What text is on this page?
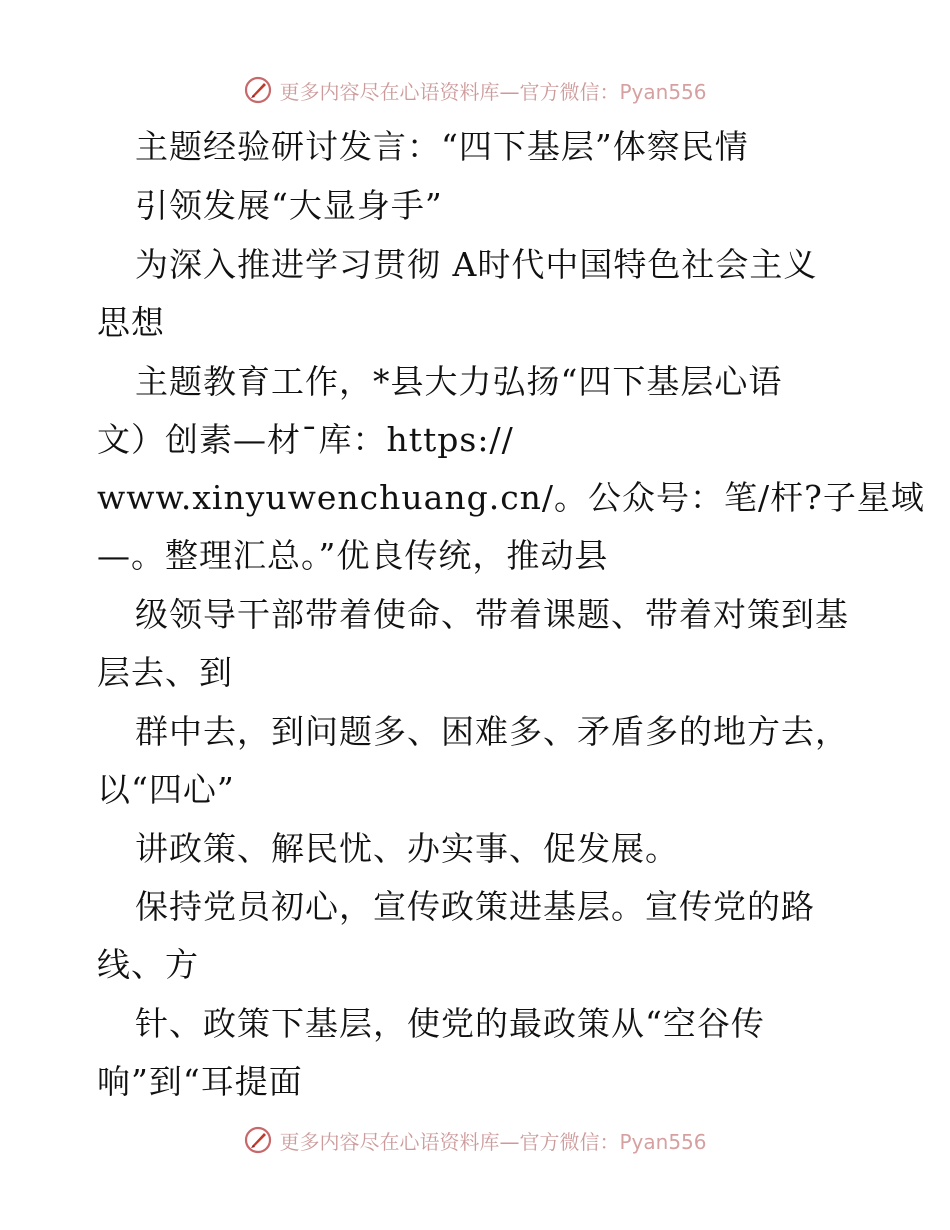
更多内容尽在心语资料库—官方微信：Pyan556
主题经验研讨发言：“四下基层”体察民情
引领发展“大显身手”
为深入推进学习贯彻 A时代中国特色社会主义
思想
主题教育工作，*县大力弘扬“四下基层心语
文）创素—材¯库：https://
www.xinyuwenchuang.cn/。公众号：笔/杆?子星域
—。整理汇总。”优良传统，推动县
级领导干部带着使命、带着课题、带着对策到基
层去、到
群中去，到问题多、困难多、矛盾多的地方去，
以“四心”
讲政策、解民忧、办实事、促发展。
保持党员初心，宣传政策进基层。宣传党的路
线、方
针、政策下基层，使党的最政策从“空谷传
响”到“耳提面
更多内容尽在心语资料库—官方微信：Pyan556
